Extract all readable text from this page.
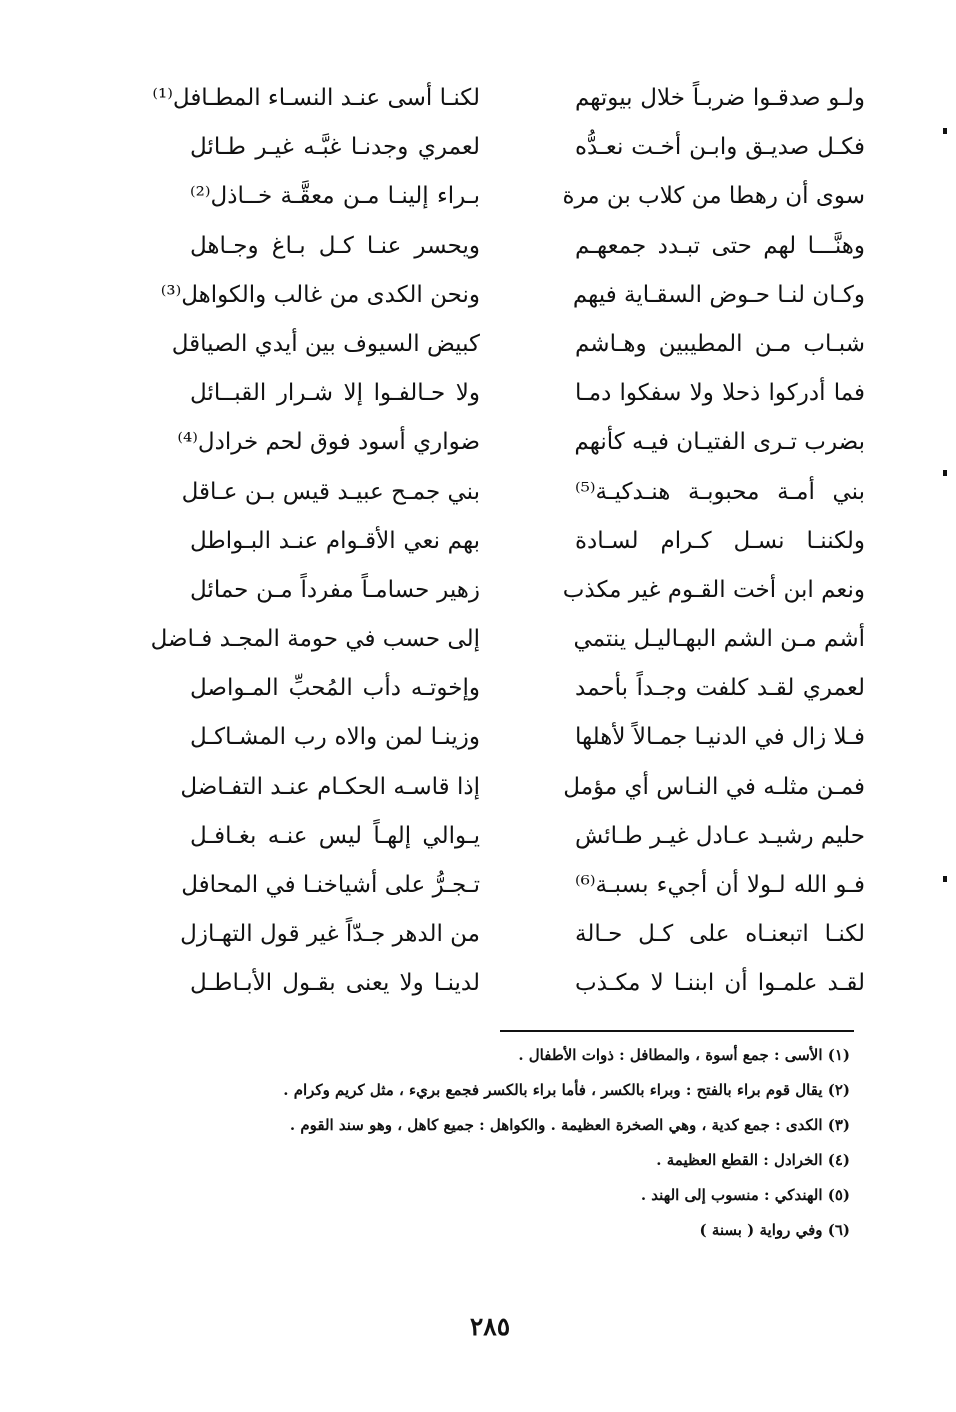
ولـو صدقـوا ضربـاً خلال بيوتهم
لكنـا أسى عنـد النسـاء المطـافل⁽¹⁾
فكـل صديـق وابـن أخـت نعـدُّه
لعمري وجدنـا غبَّـه غيـر طـائل
سوى أن رهطا من كلاب بن مرة
بـراء إلينـا مـن معقَّـة خــاذل⁽²⁾
وهنَّـــا لهم حتى تبـدد جمعهـم
ويحسر عنـا كـل بـاغ وجـاهل
وكـان لنـا حـوض السقـاية فيهم
ونحن الكدى من غالب والكواهل⁽³⁾
شبـاب مـن المطيبين وهـاشم
كبيض السيوف بين أيدي الصياقل
فما أدركوا ذحلا ولا سفكوا دمـا
ولا حـالفـوا إلا شـرار القبــائل
بضرب تـرى الفتيـان فيـه كأنهم
ضواري أسود فوق لحم خرادل⁽⁴⁾
بني أمـة محبوبـة هنـدكيـة⁽⁵⁾
بني جمـح عبيـد قيس بـن عـاقل
ولكننـا نسـل كـرام لسـادة
بهم نعي الأقـوام عنـد البـواطل
ونعم ابن أخت القـوم غير مكذب
زهير حسامـاً مفرداً مـن حمائل
أشم مـن الشم البهـاليـل ينتمي
إلى حسب في حومة المجـد فـاضل
لعمري لقـد كلفت وجـداً بأحمد
وإخوتـه دأب المُحبِّ المـواصل
فـلا زال في الدنيـا جمـالاً لأهلها
وزينـا لمن والاه رب المشـاكـل
فمـن مثلـه في النـاس أي مؤمل
إذا قاسـه الحكـام عنـد التفـاضل
حليم رشيـد عـادل غيـر طـائش
يـوالي إلهـاً ليس عنـه بغـافـل
فـو الله لـولا أن أجيء بسبـة⁽⁶⁾
تـجـرُّ على أشياخنـا في المحافل
لكنـا اتبعنـاه على كـل حـالة
من الدهر جـدّاً غير قول التهـازل
لقـد علمـوا أن ابننـا لا مكـذب
لدينـا ولا يعنى بقـول الأبـاطـل
(١) الأسى : جمع أسوة ، والمطافل : ذوات الأطفال .
(٢) يقال قوم براء بالفتح : وبراء بالكسر ، فأما براء بالكسر فجمع بريء ، مثل كريم وكرام .
(٣) الكدى : جمع كدية ، وهي الصخرة العظيمة . والكواهل : جميع كاهل ، وهو سند القوم .
(٤) الخرادل : القطع العظيمة .
(٥) الهندكي : منسوب إلى الهند .
(٦) وفي رواية ( بسنة )
٢٨٥
